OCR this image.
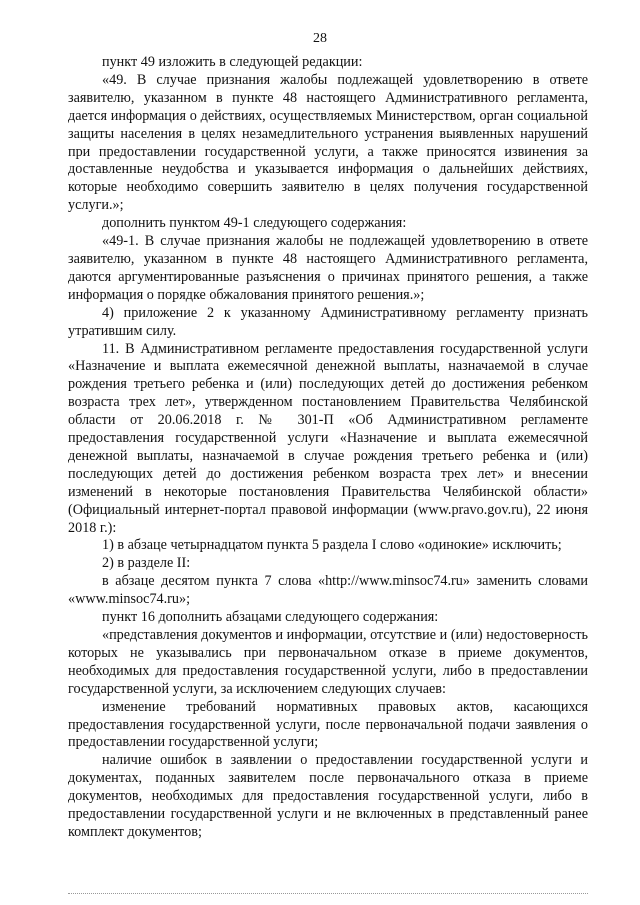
28

пункт 49 изложить в следующей редакции:

«49. В случае признания жалобы подлежащей удовлетворению в ответе заявителю, указанном в пункте 48 настоящего Административного регламента, дается информация о действиях, осуществляемых Министерством, орган социальной защиты населения в целях незамедлительного устранения выявленных нарушений при предоставлении государственной услуги, а также приносятся извинения за доставленные неудобства и указывается информация о дальнейших действиях, которые необходимо совершить заявителю в целях получения государственной услуги.»;

дополнить пунктом 49-1 следующего содержания:

«49-1. В случае признания жалобы не подлежащей удовлетворению в ответе заявителю, указанном в пункте 48 настоящего Административного регламента, даются аргументированные разъяснения о причинах принятого решения, а также информация о порядке обжалования принятого решения.»;

4) приложение 2 к указанному Административному регламенту признать утратившим силу.

11. В Административном регламенте предоставления государственной услуги «Назначение и выплата ежемесячной денежной выплаты, назначаемой в случае рождения третьего ребенка и (или) последующих детей до достижения ребенком возраста трех лет», утвержденном постановлением Правительства Челябинской области от 20.06.2018 г. № 301-П «Об Административном регламенте предоставления государственной услуги «Назначение и выплата ежемесячной денежной выплаты, назначаемой в случае рождения третьего ребенка и (или) последующих детей до достижения ребенком возраста трех лет» и внесении изменений в некоторые постановления Правительства Челябинской области» (Официальный интернет-портал правовой информации (www.pravo.gov.ru), 22 июня 2018 г.):

1) в абзаце четырнадцатом пункта 5 раздела I слово «одинокие» исключить;

2) в разделе II:

в абзаце десятом пункта 7 слова «http://www.minsoc74.ru» заменить словами «www.minsoc74.ru»;

пункт 16 дополнить абзацами следующего содержания:

«представления документов и информации, отсутствие и (или) недостоверность которых не указывались при первоначальном отказе в приеме документов, необходимых для предоставления государственной услуги, либо в предоставлении государственной услуги, за исключением следующих случаев:

изменение требований нормативных правовых актов, касающихся предоставления государственной услуги, после первоначальной подачи заявления о предоставлении государственной услуги;

наличие ошибок в заявлении о предоставлении государственной услуги и документах, поданных заявителем после первоначального отказа в приеме документов, необходимых для предоставления государственной услуги, либо в предоставлении государственной услуги и не включенных в представленный ранее комплект документов;
